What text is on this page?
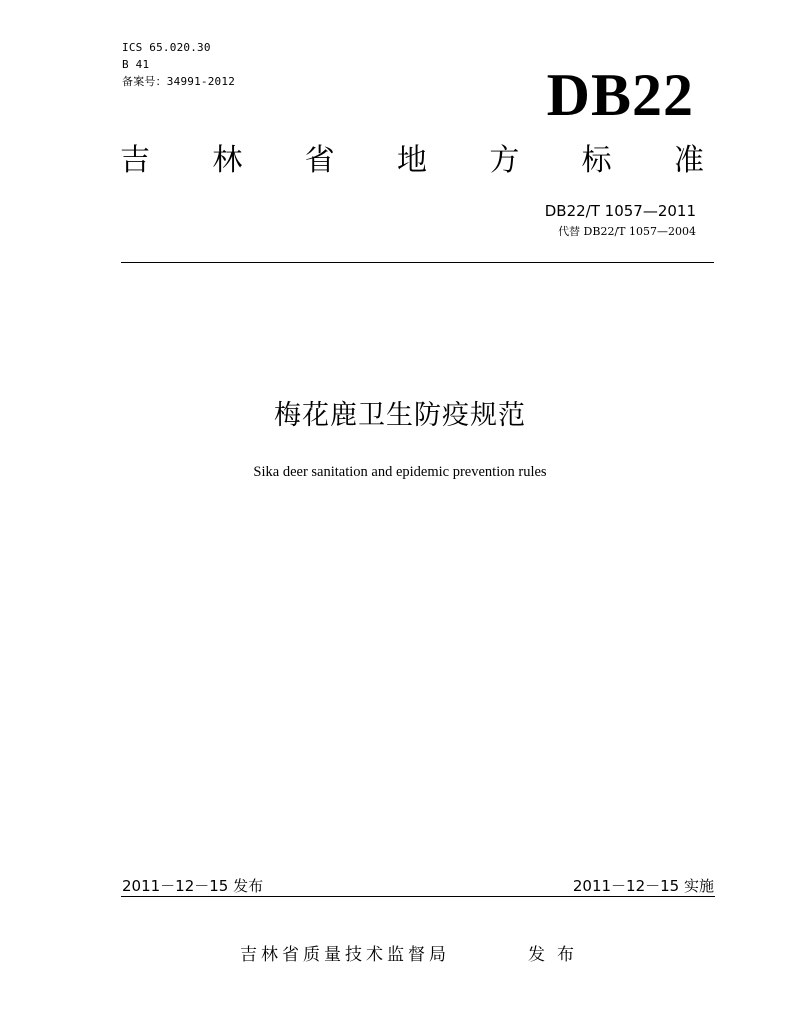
ICS 65.020.30
B 41
备案号：34991-2012	DB22
吉 林 省 地 方 标 准
DB22/T 1057—2011
代替 DB22/T 1057—2004
梅花鹿卫生防疫规范
Sika deer sanitation and epidemic prevention rules
2011－12－15 发布	2011－12－15 实施
吉林省质量技术监督局	发布
